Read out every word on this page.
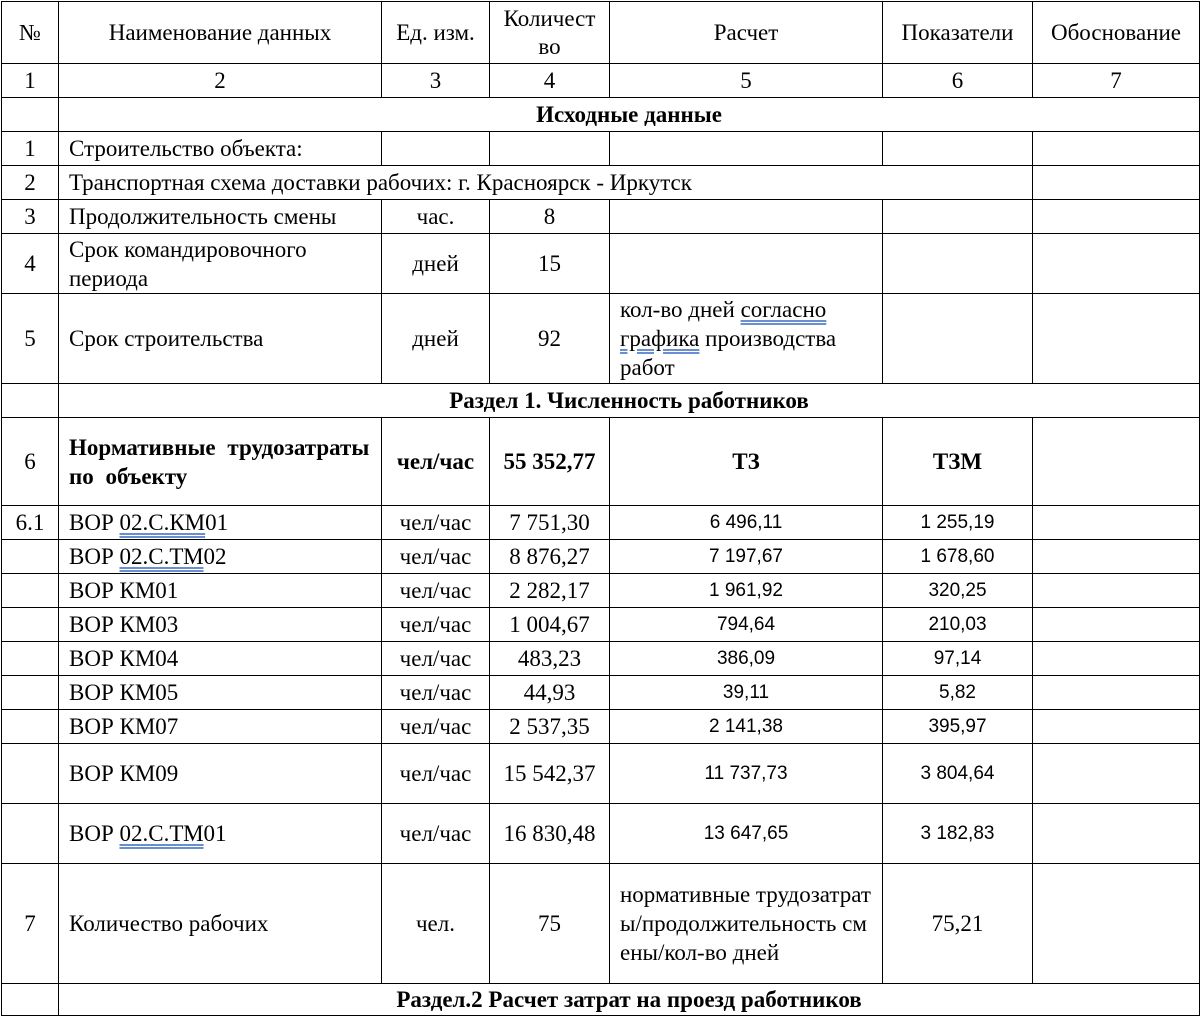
№	Наименование данных	Ед. изм.	Количество	Расчет	Показатели	Обоснование
1	2	3	4	5	6	7
	Исходные данные					
1	Строительство объекта:					
2	Транспортная схема доставки рабочих: г. Красноярск - Иркутск					
3	Продолжительность смены	час.	8			
4	Срок командировочного периода	дней	15			
5	Срок строительства	дней	92	кол-во дней согласно графика производства работ		
	Раздел 1. Численность работников					
6	Нормативные трудозатраты по объекту	чел/час	55 352,77	ТЗ	ТЗМ	
6.1	ВОР 02.С.КМ01	чел/час	7 751,30	6 496,11	1 255,19	
	ВОР 02.С.ТМ02	чел/час	8 876,27	7 197,67	1 678,60	
	ВОР КМ01	чел/час	2 282,17	1 961,92	320,25	
	ВОР КМ03	чел/час	1 004,67	794,64	210,03	
	ВОР КМ04	чел/час	483,23	386,09	97,14	
	ВОР КМ05	чел/час	44,93	39,11	5,82	
	ВОР КМ07	чел/час	2 537,35	2 141,38	395,97	
	ВОР КМ09	чел/час	15 542,37	11 737,73	3 804,64	
	ВОР 02.С.ТМ01	чел/час	16 830,48	13 647,65	3 182,83	
7	Количество рабочих	чел.	75	нормативные трудозатраты/продолжительность смены/кол-во дней	75,21	
	Раздел.2 Расчет затрат на проезд работников					
